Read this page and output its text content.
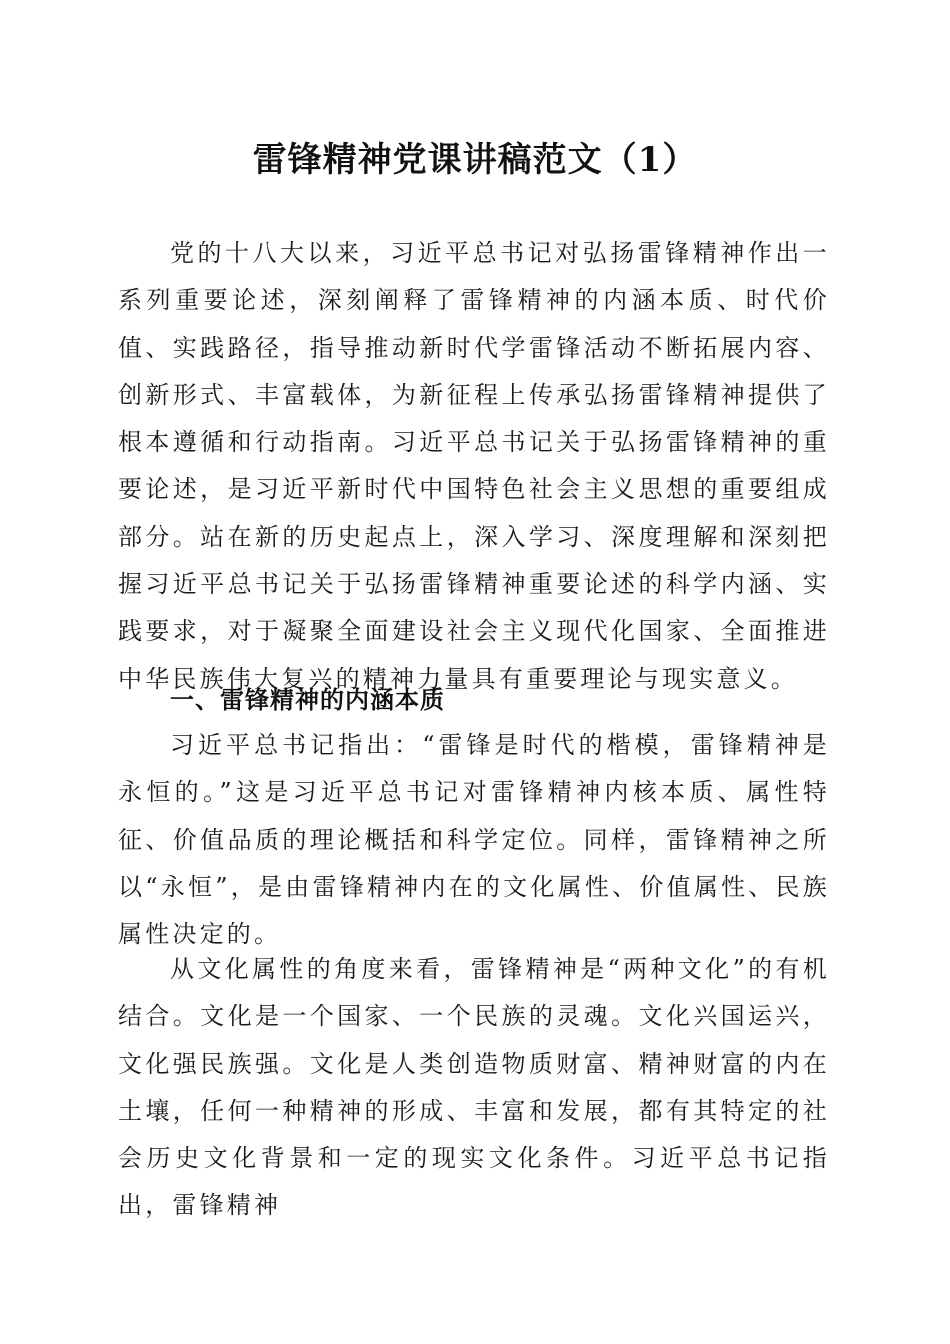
雷锋精神党课讲稿范文（1）

党的十八大以来，习近平总书记对弘扬雷锋精神作出一系列重要论述，深刻阐释了雷锋精神的内涵本质、时代价值、实践路径，指导推动新时代学雷锋活动不断拓展内容、创新形式、丰富载体，为新征程上传承弘扬雷锋精神提供了根本遵循和行动指南。习近平总书记关于弘扬雷锋精神的重要论述，是习近平新时代中国特色社会主义思想的重要组成部分。站在新的历史起点上，深入学习、深度理解和深刻把握习近平总书记关于弘扬雷锋精神重要论述的科学内涵、实践要求，对于凝聚全面建设社会主义现代化国家、全面推进中华民族伟大复兴的精神力量具有重要理论与现实意义。

一、雷锋精神的内涵本质

习近平总书记指出：“雷锋是时代的楷模，雷锋精神是永恒的。”这是习近平总书记对雷锋精神内核本质、属性特征、价值品质的理论概括和科学定位。同样，雷锋精神之所以“永恒”，是由雷锋精神内在的文化属性、价值属性、民族属性决定的。

从文化属性的角度来看，雷锋精神是“两种文化”的有机结合。文化是一个国家、一个民族的灵魂。文化兴国运兴，文化强民族强。文化是人类创造物质财富、精神财富的内在土壤，任何一种精神的形成、丰富和发展，都有其特定的社会历史文化背景和一定的现实文化条件。习近平总书记指出，雷锋精神
